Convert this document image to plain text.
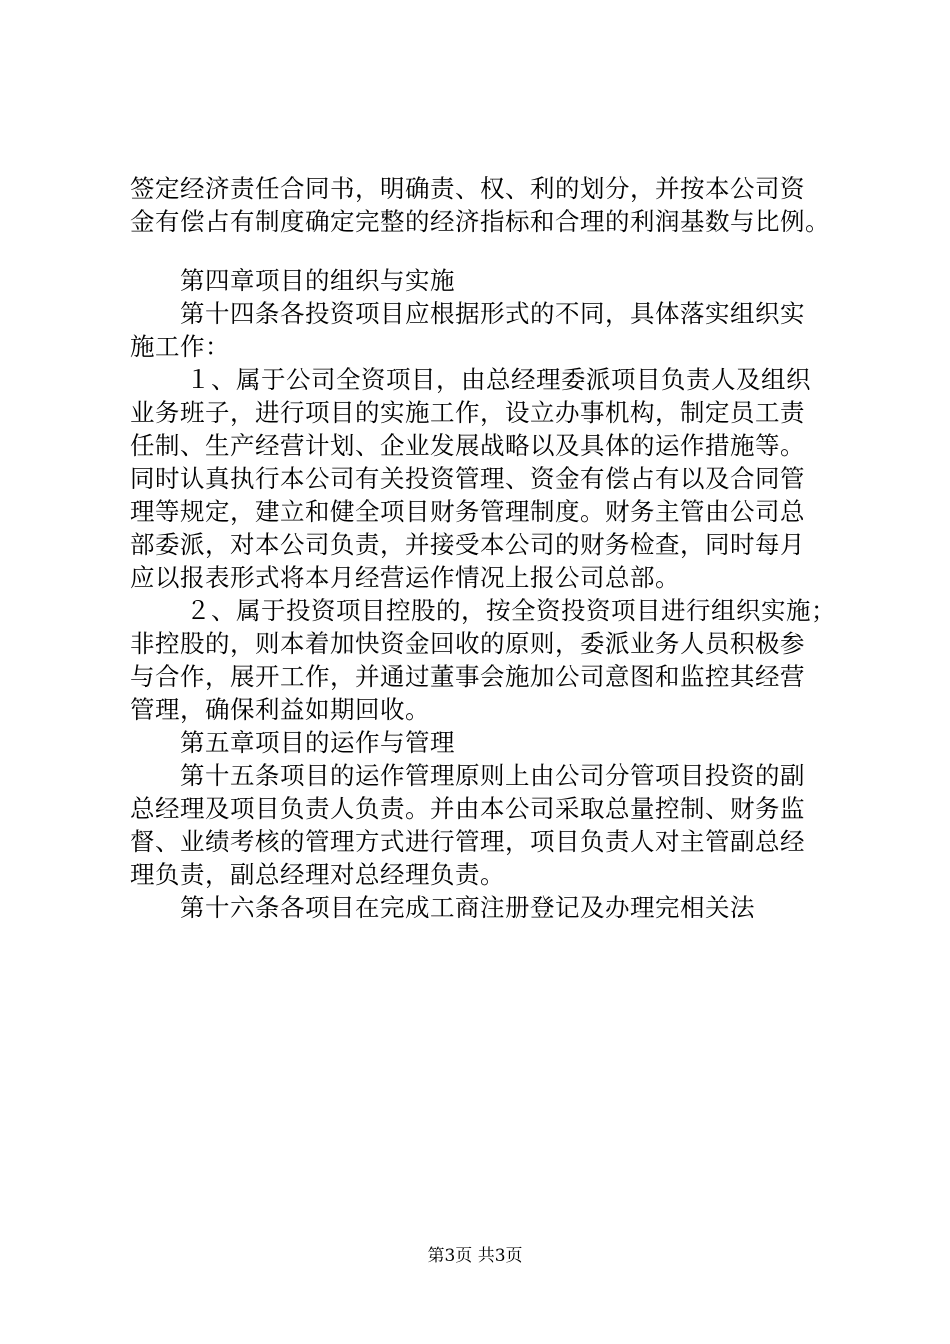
签定经济责任合同书，明确责、权、利的划分，并按本公司资
金有偿占有制度确定完整的经济指标和合理的利润基数与比例。
第四章项目的组织与实施
第十四条各投资项目应根据形式的不同，具体落实组织实
施工作：
１、属于公司全资项目，由总经理委派项目负责人及组织
业务班子，进行项目的实施工作，设立办事机构，制定员工责
任制、生产经营计划、企业发展战略以及具体的运作措施等。
同时认真执行本公司有关投资管理、资金有偿占有以及合同管
理等规定，建立和健全项目财务管理制度。财务主管由公司总
部委派，对本公司负责，并接受本公司的财务检查，同时每月
应以报表形式将本月经营运作情况上报公司总部。
２、属于投资项目控股的，按全资投资项目进行组织实施；
非控股的，则本着加快资金回收的原则，委派业务人员积极参
与合作，展开工作，并通过董事会施加公司意图和监控其经营
管理，确保利益如期回收。
第五章项目的运作与管理
第十五条项目的运作管理原则上由公司分管项目投资的副
总经理及项目负责人负责。并由本公司采取总量控制、财务监
督、业绩考核的管理方式进行管理，项目负责人对主管副总经
理负责，副总经理对总经理负责。
第十六条各项目在完成工商注册登记及办理完相关法
第3页 共3页
